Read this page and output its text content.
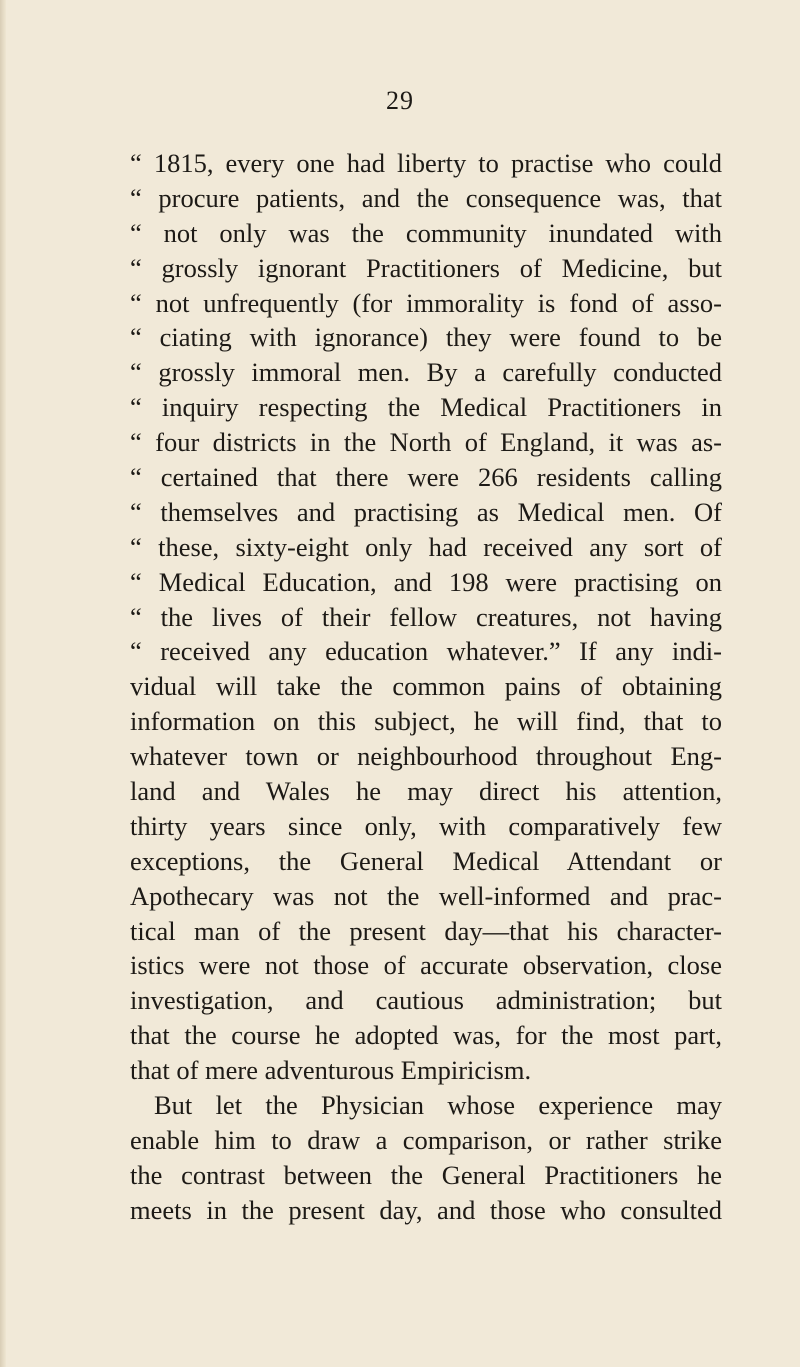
29
“ 1815, every one had liberty to practise who could
“ procure patients, and the consequence was, that
“ not only was the community inundated with
“ grossly ignorant Practitioners of Medicine, but
“ not unfrequently (for immorality is fond of asso-
“ ciating with ignorance) they were found to be
“ grossly immoral men. By a carefully conducted
“ inquiry respecting the Medical Practitioners in
“ four districts in the North of England, it was as-
“ certained that there were 266 residents calling
“ themselves and practising as Medical men. Of
“ these, sixty-eight only had received any sort of
“ Medical Education, and 198 were practising on
“ the lives of their fellow creatures, not having
“ received any education whatever.” If any indi-
vidual will take the common pains of obtaining
information on this subject, he will find, that to
whatever town or neighbourhood throughout Eng-
land and Wales he may direct his attention,
thirty years since only, with comparatively few
exceptions, the General Medical Attendant or
Apothecary was not the well-informed and prac-
tical man of the present day—that his character-
istics were not those of accurate observation, close
investigation, and cautious administration; but
that the course he adopted was, for the most part,
that of mere adventurous Empiricism.
But let the Physician whose experience may
enable him to draw a comparison, or rather strike
the contrast between the General Practitioners he
meets in the present day, and those who consulted
